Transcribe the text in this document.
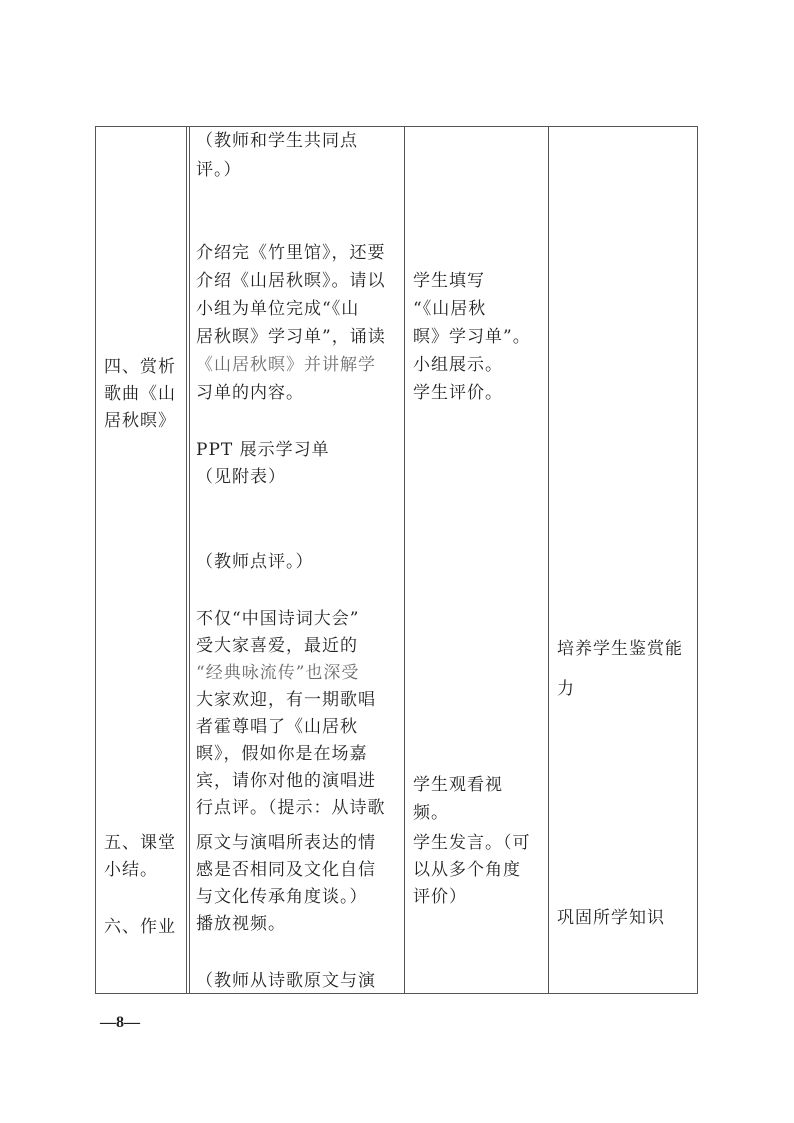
四、赏析
歌曲《山
居秋暝》
五、课堂
小结。
六、作业
（教师和学生共同点
评。）
介绍完《竹里馆》，还要
介绍《山居秋暝》。请以
小组为单位完成“《山
居秋暝》学习单”，诵读
《山居秋暝》并讲解学
习单的内容。
PPT 展示学习单
（见附表）
（教师点评。）
不仅“中国诗词大会”
受大家喜爱，最近的
“经典咏流传”也深受
大家欢迎，有一期歌唱
者霍尊唱了《山居秋
暝》，假如你是在场嘉
宾，请你对他的演唱进
行点评。（提示：从诗歌
原文与演唱所表达的情
感是否相同及文化自信
与文化传承角度谈。）
播放视频。
（教师从诗歌原文与演
学生填写
“《山居秋
暝》学习单”。
小组展示。
学生评价。
学生观看视
频。
学生发言。（可
以从多个角度
评价）
培养学生鉴赏能
力
巩固所学知识
—8—
